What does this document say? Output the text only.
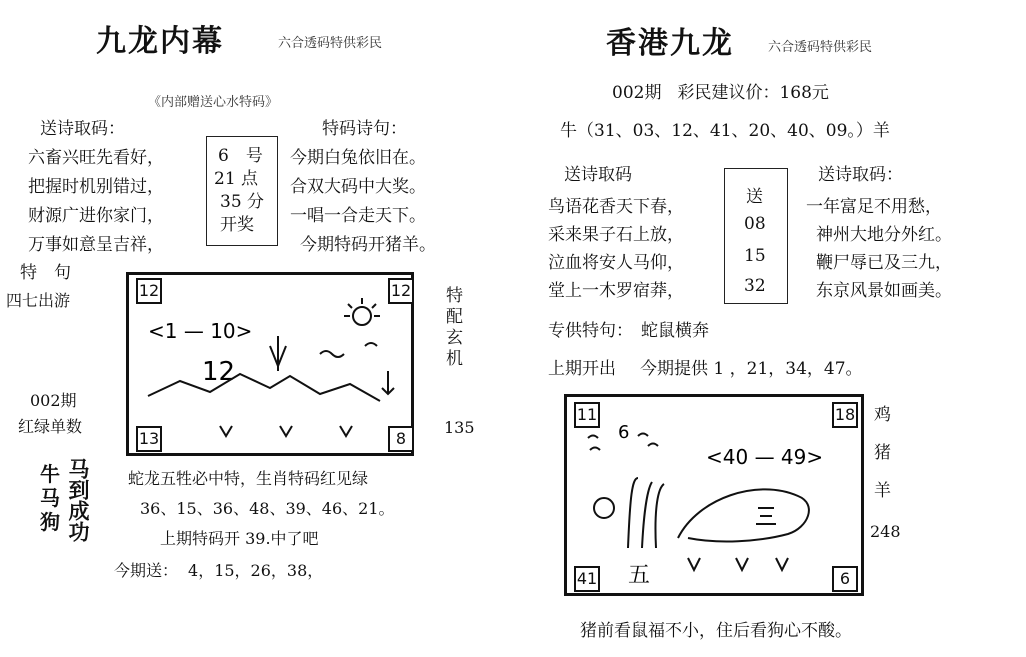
九龙内幕	六合透码特供彩民
《内部赠送心水特码》
送诗取码：
六畜兴旺先看好，
把握时机别错过，
财源广进你家门，
万事如意呈吉祥，
6　号
21 点
35 分
开奖
特码诗句：
今期白兔依旧在。
合双大码中大奖。
一唱一合走天下。
今期特码开猪羊。
特　句
四七出游
002期
红绿单数
12	12
13	8
<1 — 10>
12
特配玄机
135
牛
马
狗 马到成功 蛇龙五牲必中特，生肖特码红见绿
36、15、36、48、39、46、21。
上期特码开 39.中了吧
今期送： 4，15，26，38，
香港九龙	六合透码特供彩民
002期 彩民建议价：168元
牛（31、03、12、41、20、40、09。）羊
送诗取码	送诗取码：
鸟语花香天下春，
采来果子石上放，
泣血将安人马仰，
堂上一木罗宿莽，
送
08
15
32
一年富足不用愁，
神州大地分外红。
鞭尸辱已及三九，
东京风景如画美。
专供特句： 蛇鼠横奔
上期开出 今期提供 1 ，21，34，47。
11	18
41	6
<40 — 49>
6
五
鸡
猪
羊
248
猪前看鼠福不小，住后看狗心不酸。
